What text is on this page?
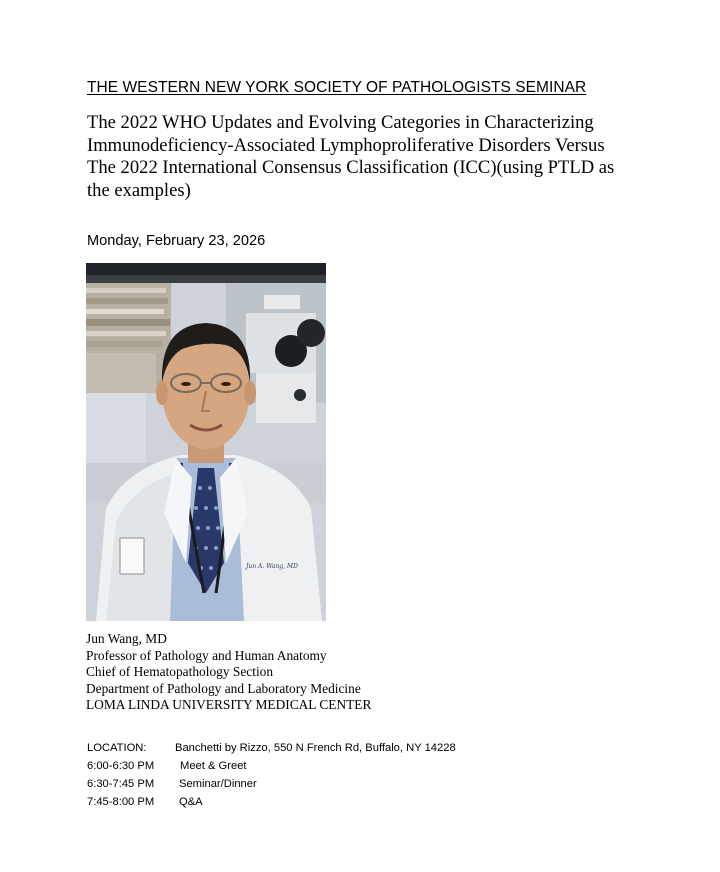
THE WESTERN NEW YORK SOCIETY OF PATHOLOGISTS SEMINAR
The 2022 WHO Updates and Evolving Categories in Characterizing
Immunodeficiency-Associated Lymphoproliferative Disorders Versus
The 2022 International Consensus Classification (ICC)(using PTLD as
the examples)
Monday, February 23, 2026
Jun A. Wang, MD
Jun Wang, MD
Professor of Pathology and Human Anatomy
Chief of Hematopathology Section
Department of Pathology and Laboratory Medicine
LOMA LINDA UNIVERSITY MEDICAL CENTER
LOCATION:	Banchetti by Rizzo, 550 N French Rd, Buffalo, NY 14228
6:00-6:30 PM Meet & Greet
6:30-7:45 PM Seminar/Dinner
7:45-8:00 PM Q&A
